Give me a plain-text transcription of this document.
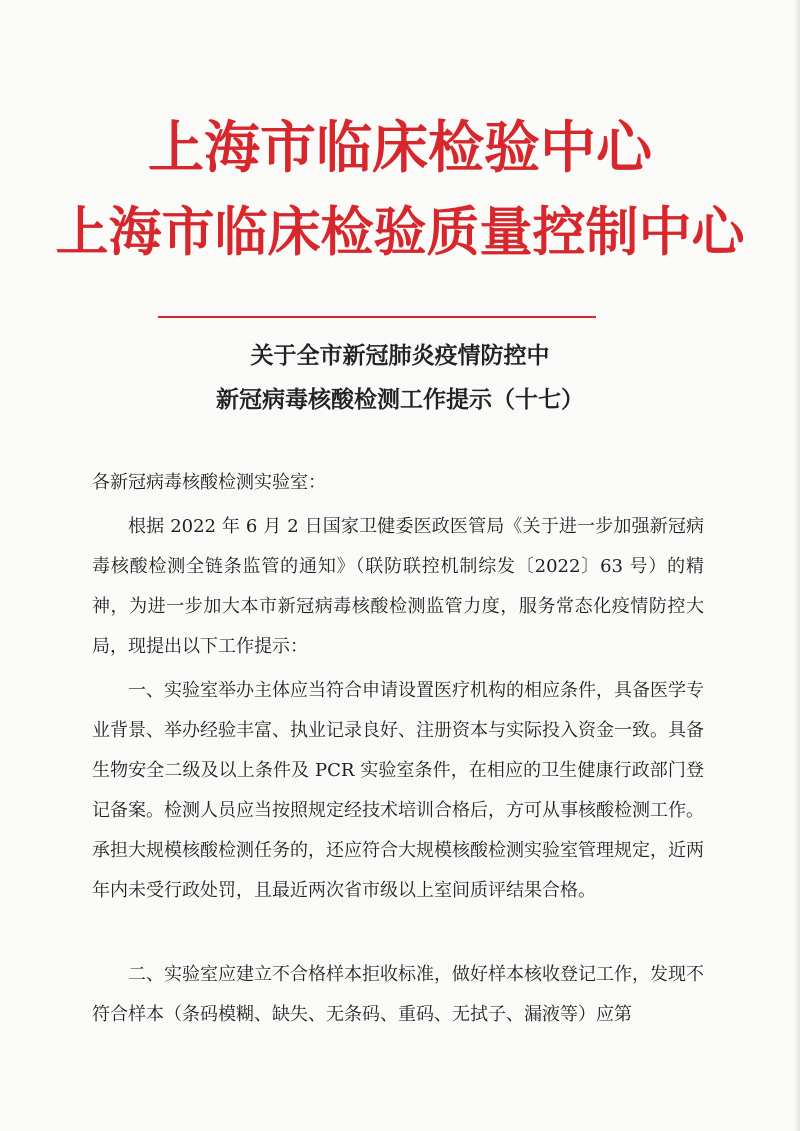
上海市临床检验中心
上海市临床检验质量控制中心
关于全市新冠肺炎疫情防控中
新冠病毒核酸检测工作提示（十七）
各新冠病毒核酸检测实验室：

根据 2022 年 6 月 2 日国家卫健委医政医管局《关于进一步加强新冠病毒核酸检测全链条监管的通知》（联防联控机制综发〔2022〕63 号）的精神，为进一步加大本市新冠病毒核酸检测监管力度，服务常态化疫情防控大局，现提出以下工作提示：

一、实验室举办主体应当符合申请设置医疗机构的相应条件，具备医学专业背景、举办经验丰富、执业记录良好、注册资本与实际投入资金一致。具备生物安全二级及以上条件及 PCR 实验室条件，在相应的卫生健康行政部门登记备案。检测人员应当按照规定经技术培训合格后，方可从事核酸检测工作。承担大规模核酸检测任务的，还应符合大规模核酸检测实验室管理规定，近两年内未受行政处罚，且最近两次省市级以上室间质评结果合格。

二、实验室应建立不合格样本拒收标准，做好样本核收登记工作，发现不符合样本（条码模糊、缺失、无条码、重码、无拭子、漏液等）应第
